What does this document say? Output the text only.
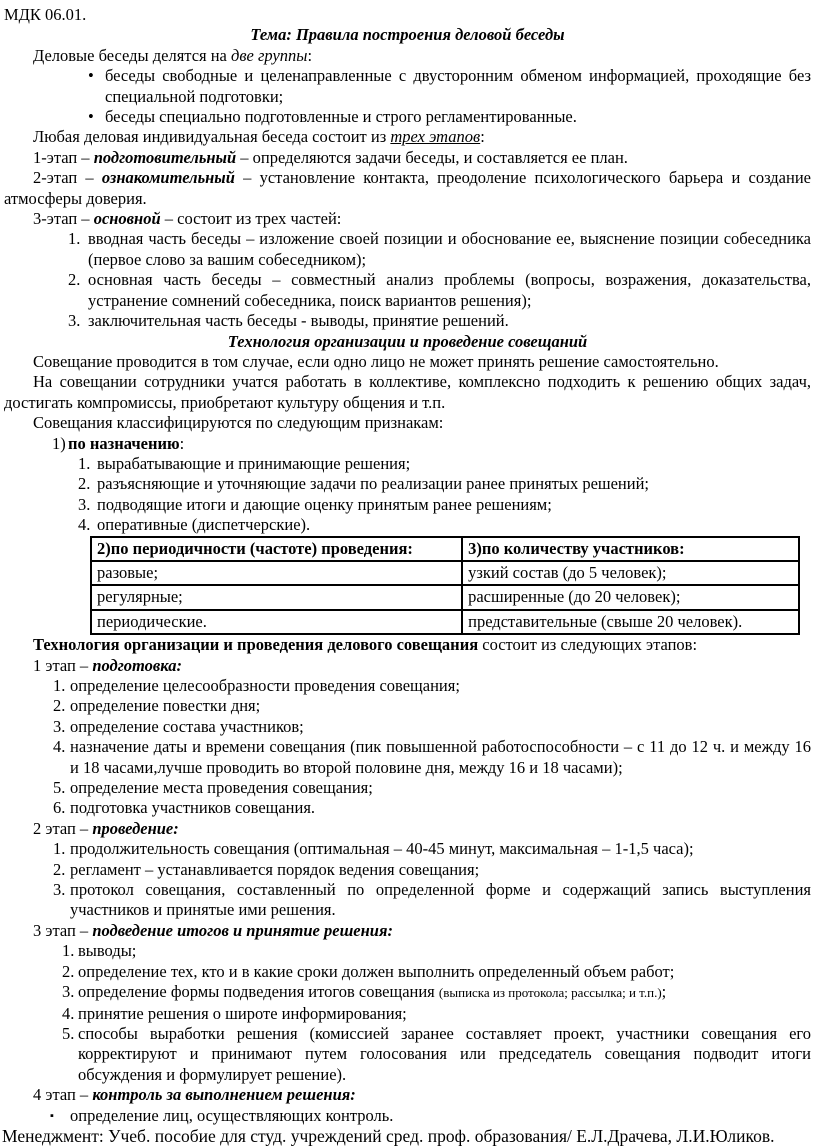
МДК 06.01.

Тема: Правила построения деловой беседы

Деловые беседы делятся на две группы:

• беседы свободные и целенаправленные с двусторонним обменом информацией, проходящие без специальной подготовки;
• беседы специально подготовленные и строго регламентированные.

Любая деловая индивидуальная беседа состоит из трех этапов:

1-этап – подготовительный – определяются задачи беседы, и составляется ее план.

2-этап – ознакомительный – установление контакта, преодоление психологического барьера и создание атмосферы доверия.

3-этап – основной – состоит из трех частей:

1. вводная часть беседы – изложение своей позиции и обоснование ее, выяснение позиции собеседника (первое слово за вашим собеседником);
2. основная часть беседы – совместный анализ проблемы (вопросы, возражения, доказательства, устранение сомнений собеседника, поиск вариантов решения);
3. заключительная часть беседы - выводы, принятие решений.

Технология организации и проведение совещаний

Совещание проводится в том случае, если одно лицо не может принять решение самостоятельно.

На совещании сотрудники учатся работать в коллективе, комплексно подходить к решению общих задач, достигать компромиссы, приобретают культуру общения и т.п.

Совещания классифицируются по следующим признакам:

1) по назначению:
1. вырабатывающие и принимающие решения;
2. разъясняющие и уточняющие задачи по реализации ранее принятых решений;
3. подводящие итоги и дающие оценку принятым ранее решениям;
4. оперативные (диспетчерские).
2)по периодичности (частоте) проведения:	3)по количеству участников:
разовые;	узкий состав (до 5 человек);
регулярные;	расширенные (до 20 человек);
периодические.	представительные (свыше 20 человек).

Технология организации и проведения делового совещания состоит из следующих этапов:

1 этап – подготовка:

1. определение целесообразности проведения совещания;
2. определение повестки дня;
3. определение состава участников;
4. назначение даты и времени совещания (пик повышенной работоспособности – с 11 до 12 ч. и между 16 и 18 часами,лучше проводить во второй половине дня, между 16 и 18 часами);
5. определение места проведения совещания;
6. подготовка участников совещания.

2 этап – проведение:

1. продолжительность совещания (оптимальная – 40-45 минут, максимальная – 1-1,5 часа);
2. регламент – устанавливается порядок ведения совещания;
3. протокол совещания, составленный по определенной форме и содержащий запись выступления участников и принятые ими решения.

3 этап – подведение итогов и принятие решения:

1. выводы;
2. определение тех, кто и в какие сроки должен выполнить определенный объем работ;
3. определение формы подведения итогов совещания (выписка из протокола; рассылка; и т.п.);
4. принятие решения о широте информирования;
5. способы выработки решения (комиссией заранее составляет проект, участники совещания его корректируют и принимают путем голосования или председатель совещания подводит итоги обсуждения и формулирует решение).

4 этап – контроль за выполнением решения:

▪ определение лиц, осуществляющих контроль.

Менеджмент: Учеб. пособие для студ. учреждений сред. проф. образования/ Е.Л.Драчева, Л.И.Юликов.
